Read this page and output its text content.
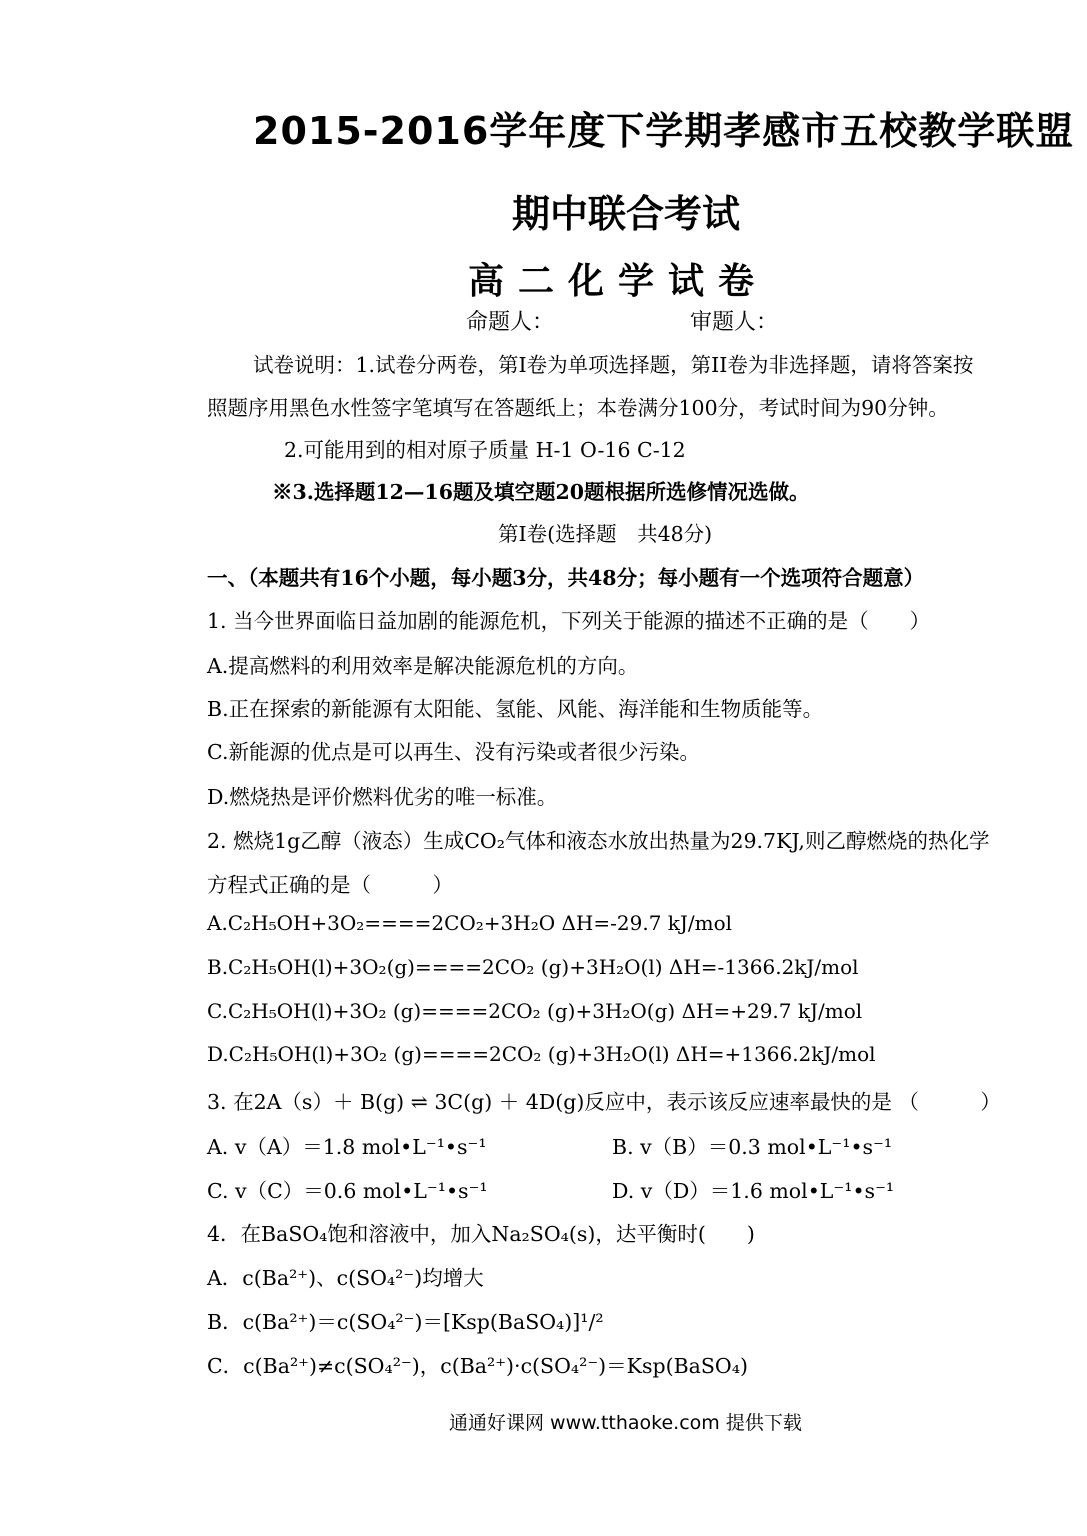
2015-2016学年度下学期孝感市五校教学联盟
期中联合考试
高二化学试卷
命题人：	审题人：
试卷说明：1.试卷分两卷，第I卷为单项选择题，第II卷为非选择题，请将答案按
照题序用黑色水性签字笔填写在答题纸上；本卷满分100分，考试时间为90分钟。
2.可能用到的相对原子质量 H-1 O-16 C-12
※3.选择题12—16题及填空题20题根据所选修情况选做。
第I卷(选择题　共48分)
一、（本题共有16个小题，每小题3分，共48分；每小题有一个选项符合题意）
1. 当今世界面临日益加剧的能源危机，下列关于能源的描述不正确的是（　　）
A.提高燃料的利用效率是解决能源危机的方向。
B.正在探索的新能源有太阳能、氢能、风能、海洋能和生物质能等。
C.新能源的优点是可以再生、没有污染或者很少污染。
D.燃烧热是评价燃料优劣的唯一标准。
2. 燃烧1g乙醇（液态）生成CO₂气体和液态水放出热量为29.7KJ,则乙醇燃烧的热化学
方程式正确的是（　　　）
A.C₂H₅OH+3O₂====2CO₂+3H₂O ΔH=-29.7 kJ/mol
B.C₂H₅OH(l)+3O₂(g)====2CO₂ (g)+3H₂O(l) ΔH=-1366.2kJ/mol
C.C₂H₅OH(l)+3O₂ (g)====2CO₂ (g)+3H₂O(g) ΔH=+29.7 kJ/mol
D.C₂H₅OH(l)+3O₂ (g)====2CO₂ (g)+3H₂O(l) ΔH=+1366.2kJ/mol
3. 在2A（s）＋ B(g) ⇌ 3C(g) ＋ 4D(g)反应中，表示该反应速率最快的是 （　　　）
A. v（A）＝1.8 mol•L⁻¹•s⁻¹	B. v（B）＝0.3 mol•L⁻¹•s⁻¹
C. v（C）＝0.6 mol•L⁻¹•s⁻¹	D. v（D）＝1.6 mol•L⁻¹•s⁻¹
4．在BaSO₄饱和溶液中，加入Na₂SO₄(s)，达平衡时(　　)
A．c(Ba²⁺)、c(SO₄²⁻)均增大
B．c(Ba²⁺)＝c(SO₄²⁻)＝[Ksp(BaSO₄)]¹/²
C．c(Ba²⁺)≠c(SO₄²⁻)，c(Ba²⁺)·c(SO₄²⁻)＝Ksp(BaSO₄)
通通好课网 www.tthaoke.com 提供下载
